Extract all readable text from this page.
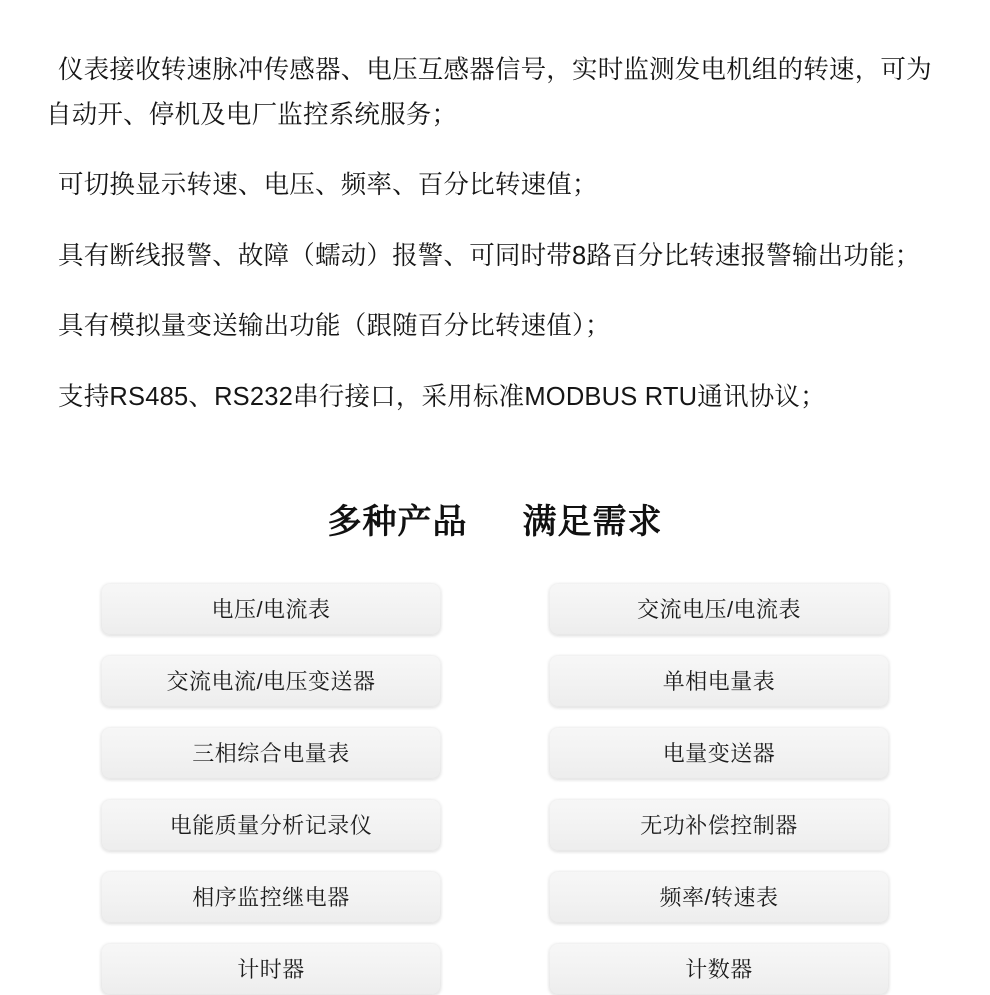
仪表接收转速脉冲传感器、电压互感器信号，实时监测发电机组的转速，可为自动开、停机及电厂监控系统服务；

可切换显示转速、电压、频率、百分比转速值；

具有断线报警、故障（蠕动）报警、可同时带8路百分比转速报警输出功能；

具有模拟量变送输出功能（跟随百分比转速值）；

支持RS485、RS232串行接口，采用标准MODBUS RTU通讯协议；

多种产品 满足需求
电压/电流表
交流电流/电压变送器
三相综合电量表
电能质量分析记录仪
相序监控继电器
计时器
交流电压/电流表
单相电量表
电量变送器
无功补偿控制器
频率/转速表
计数器
